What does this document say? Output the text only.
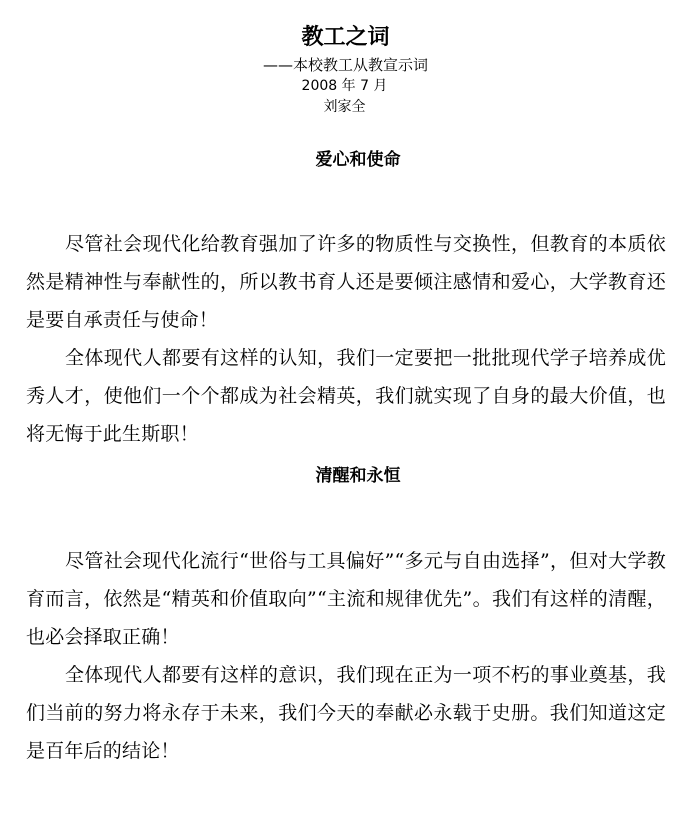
教工之词

——本校教工从教宣示词

2008 年 7 月

刘家全

爱心和使命

尽管社会现代化给教育强加了许多的物质性与交换性，但教育的本质依然是精神性与奉献性的，所以教书育人还是要倾注感情和爱心，大学教育还是要自承责任与使命！

全体现代人都要有这样的认知，我们一定要把一批批现代学子培养成优秀人才，使他们一个个都成为社会精英，我们就实现了自身的最大价值，也将无悔于此生斯职！

清醒和永恒

尽管社会现代化流行“世俗与工具偏好”“多元与自由选择”，但对大学教育而言，依然是“精英和价值取向”“主流和规律优先”。我们有这样的清醒，也必会择取正确！

全体现代人都要有这样的意识，我们现在正为一项不朽的事业奠基，我们当前的努力将永存于未来，我们今天的奉献必永载于史册。我们知道这定是百年后的结论！
